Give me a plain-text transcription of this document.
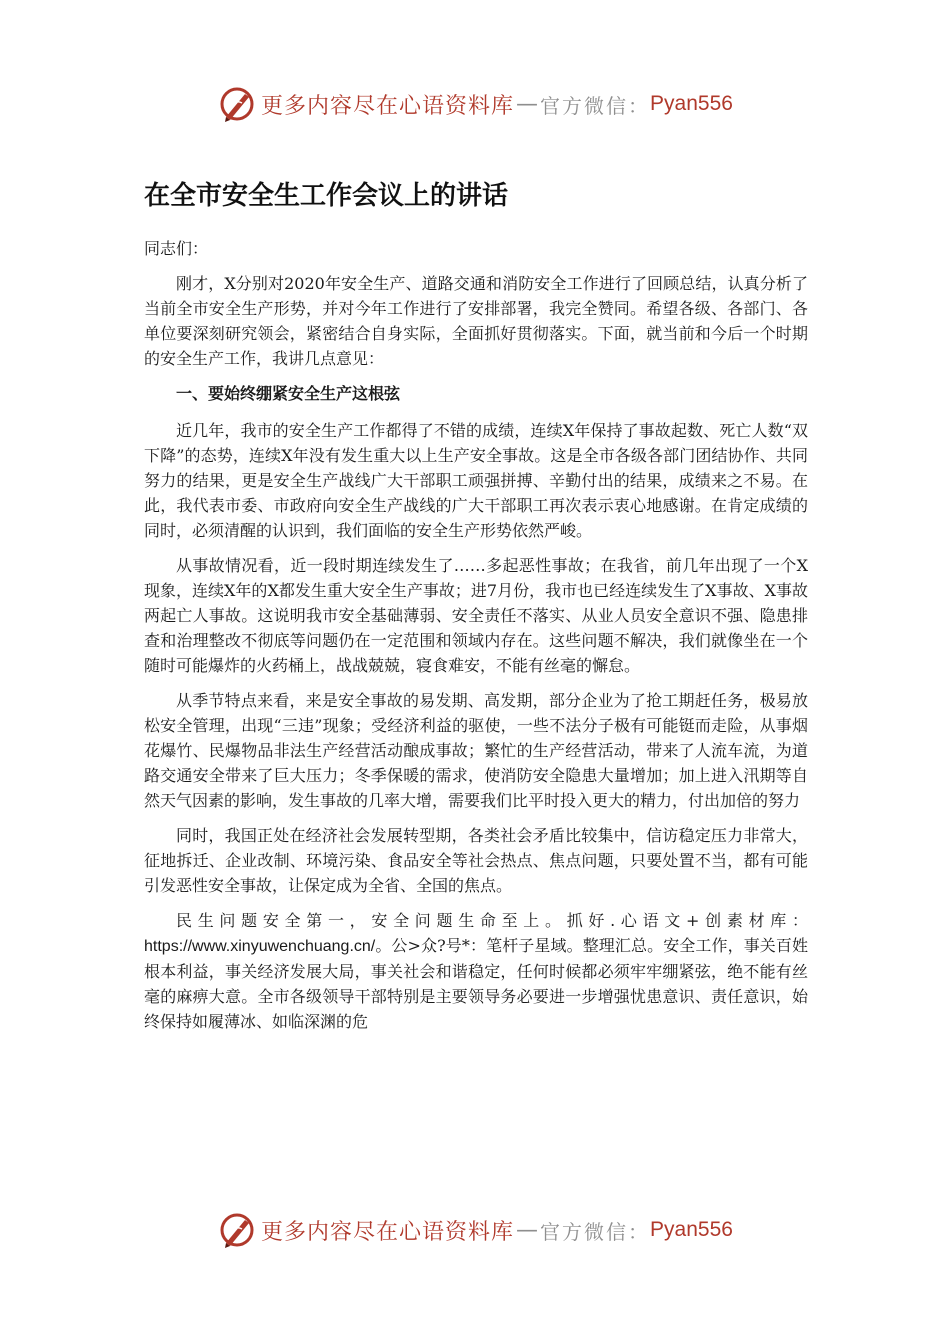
更多内容尽在心语资料库 — 官方微信： Pyan556
在全市安全生工作会议上的讲话

同志们：

刚才，X分别对2020年安全生产、道路交通和消防安全工作进行了回顾总结，认真分析了当前全市安全生产形势，并对今年工作进行了安排部署，我完全赞同。希望各级、各部门、各单位要深刻研究领会，紧密结合自身实际，全面抓好贯彻落实。下面，就当前和今后一个时期的安全生产工作，我讲几点意见：

一、要始终绷紧安全生产这根弦

近几年，我市的安全生产工作都得了不错的成绩，连续X年保持了事故起数、死亡人数“双下降”的态势，连续X年没有发生重大以上生产安全事故。这是全市各级各部门团结协作、共同努力的结果，更是安全生产战线广大干部职工顽强拼搏、辛勤付出的结果，成绩来之不易。在此，我代表市委、市政府向安全生产战线的广大干部职工再次表示衷心地感谢。在肯定成绩的同时，必须清醒的认识到，我们面临的安全生产形势依然严峻。

从事故情况看，近一段时期连续发生了……多起恶性事故；在我省，前几年出现了一个X现象，连续X年的X都发生重大安全生产事故；进7月份，我市也已经连续发生了X事故、X事故两起亡人事故。这说明我市安全基础薄弱、安全责任不落实、从业人员安全意识不强、隐患排查和治理整改不彻底等问题仍在一定范围和领域内存在。这些问题不解决，我们就像坐在一个随时可能爆炸的火药桶上，战战兢兢，寝食难安，不能有丝毫的懈怠。

从季节特点来看，来是安全事故的易发期、高发期，部分企业为了抢工期赶任务，极易放松安全管理，出现“三违”现象；受经济利益的驱使，一些不法分子极有可能铤而走险，从事烟花爆竹、民爆物品非法生产经营活动酿成事故；繁忙的生产经营活动，带来了人流车流，为道路交通安全带来了巨大压力；冬季保暖的需求，使消防安全隐患大量增加；加上进入汛期等自然天气因素的影响，发生事故的几率大增，需要我们比平时投入更大的精力，付出加倍的努力

同时，我国正处在经济社会发展转型期，各类社会矛盾比较集中，信访稳定压力非常大，征地拆迁、企业改制、环境污染、食品安全等社会热点、焦点问题，只要处置不当，都有可能引发恶性安全事故，让保定成为全省、全国的焦点。

民生问题安全第一，安全问题生命至上。抓好.心语文+创素材库：https://www.xinyuwenchuang.cn/。公>众?号*：笔杆子星域。整理汇总。安全工作，事关百姓根本利益，事关经济发展大局，事关社会和谐稳定，任何时候都必须牢牢绷紧弦，绝不能有丝毫的麻痹大意。全市各级领导干部特别是主要领导务必要进一步增强忧患意识、责任意识，始终保持如履薄冰、如临深渊的危

更多内容尽在心语资料库 — 官方微信： Pyan556
